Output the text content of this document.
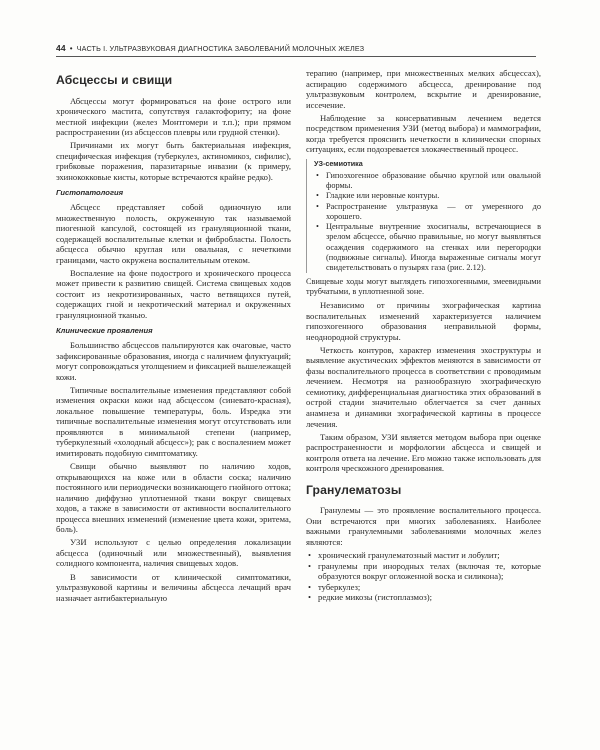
44 • ЧАСТЬ I. УЛЬТРАЗВУКОВАЯ ДИАГНОСТИКА ЗАБОЛЕВАНИЙ МОЛОЧНЫХ ЖЕЛЕЗ
Абсцессы и свищи

Абсцессы могут формироваться на фоне острого или хронического мастита, сопутствуя галактофориту; на фоне местной инфекции (желез Монтгомери и т.п.); при прямом распространении (из абсцессов плевры или грудной стенки).

Причинами их могут быть бактериальная инфекция, специфическая инфекция (туберкулез, актиномикоз, сифилис), грибковые поражения, паразитарные инвазии (к примеру, эхинококковые кисты, которые встречаются крайне редко).

Гистопатология

Абсцесс представляет собой одиночную или множественную полость, окруженную так называемой пиогенной капсулой, состоящей из грануляционной ткани, содержащей воспалительные клетки и фибробласты. Полость абсцесса обычно круглая или овальная, с нечеткими границами, часто окружена воспалительным отеком.

Воспаление на фоне подострого и хронического процесса может привести к развитию свищей. Система свищевых ходов состоит из некротизированных, часто ветвящихся путей, содержащих гной и некротический материал и окруженных грануляционной тканью.

Клинические проявления

Большинство абсцессов пальпируются как очаговые, часто зафиксированные образования, иногда с наличием флуктуаций; могут сопровождаться утолщением и фиксацией вышележащей кожи.

Типичные воспалительные изменения представляют собой изменения окраски кожи над абсцессом (синевато-красная), локальное повышение температуры, боль. Изредка эти типичные воспалительные изменения могут отсутствовать или проявляются в минимальной степени (например, туберкулезный «холодный абсцесс»); рак с воспалением может имитировать подобную симптоматику.

Свищи обычно выявляют по наличию ходов, открывающихся на коже или в области соска; наличию постоянного или периодически возникающего гнойного оттока; наличию диффузно уплотненной ткани вокруг свищевых ходов, а также в зависимости от активности воспалительного процесса внешних изменений (изменение цвета кожи, эритема, боль).

УЗИ используют с целью определения локализации абсцесса (одиночный или множественный), выявления солидного компонента, наличия свищевых ходов.

В зависимости от клинической симптоматики, ультразвуковой картины и величины абсцесса лечащий врач назначает антибактериальную

терапию (например, при множественных мелких абсцессах), аспирацию содержимого абсцесса, дренирование под ультразвуковым контролем, вскрытие и дренирование, иссечение.

Наблюдение за консервативным лечением ведется посредством применения УЗИ (метод выбора) и маммографии, когда требуется прояснить нечеткости в клинически спорных ситуациях, если подозревается злокачественный процесс.

УЗ-семиотика
• Гипоэхогенное образование обычно круглой или овальной формы.
• Гладкие или неровные контуры.
• Распространение ультразвука — от умеренного до хорошего.
• Центральные внутренние эхосигналы, встречающиеся в зрелом абсцессе, обычно правильные, но могут выявляться осаждения содержимого на стенках или перегородки (подвижные сигналы). Иногда выраженные сигналы могут свидетельствовать о пузырях газа (рис. 2.12).

Свищевые ходы могут выглядеть гипоэхогенными, змеевидными трубчатыми, в уплотненной зоне.

Независимо от причины эхографическая картина воспалительных изменений характеризуется наличием гипоэхогенного образования неправильной формы, неоднородной структуры.

Четкость контуров, характер изменения эхоструктуры и выявление акустических эффектов меняются в зависимости от фазы воспалительного процесса в соответствии с проводимым лечением. Несмотря на разнообразную эхографическую семиотику, дифференциальная диагностика этих образований в острой стадии значительно облегчается за счет данных анамнеза и динамики эхографической картины в процессе лечения.

Таким образом, УЗИ является методом выбора при оценке распространенности и морфологии абсцесса и свищей и контроля ответа на лечение. Его можно также использовать для контроля чрескожного дренирования.

Гранулематозы

Гранулемы — это проявление воспалительного процесса. Они встречаются при многих заболеваниях. Наиболее важными гранулемными заболеваниями молочных желез являются:

• хронический гранулематозный мастит и лобулит;
• гранулемы при инородных телах (включая те, которые образуются вокруг огложенной воска и силикона);
• туберкулез;
• редкие микозы (гистоплазмоз);
